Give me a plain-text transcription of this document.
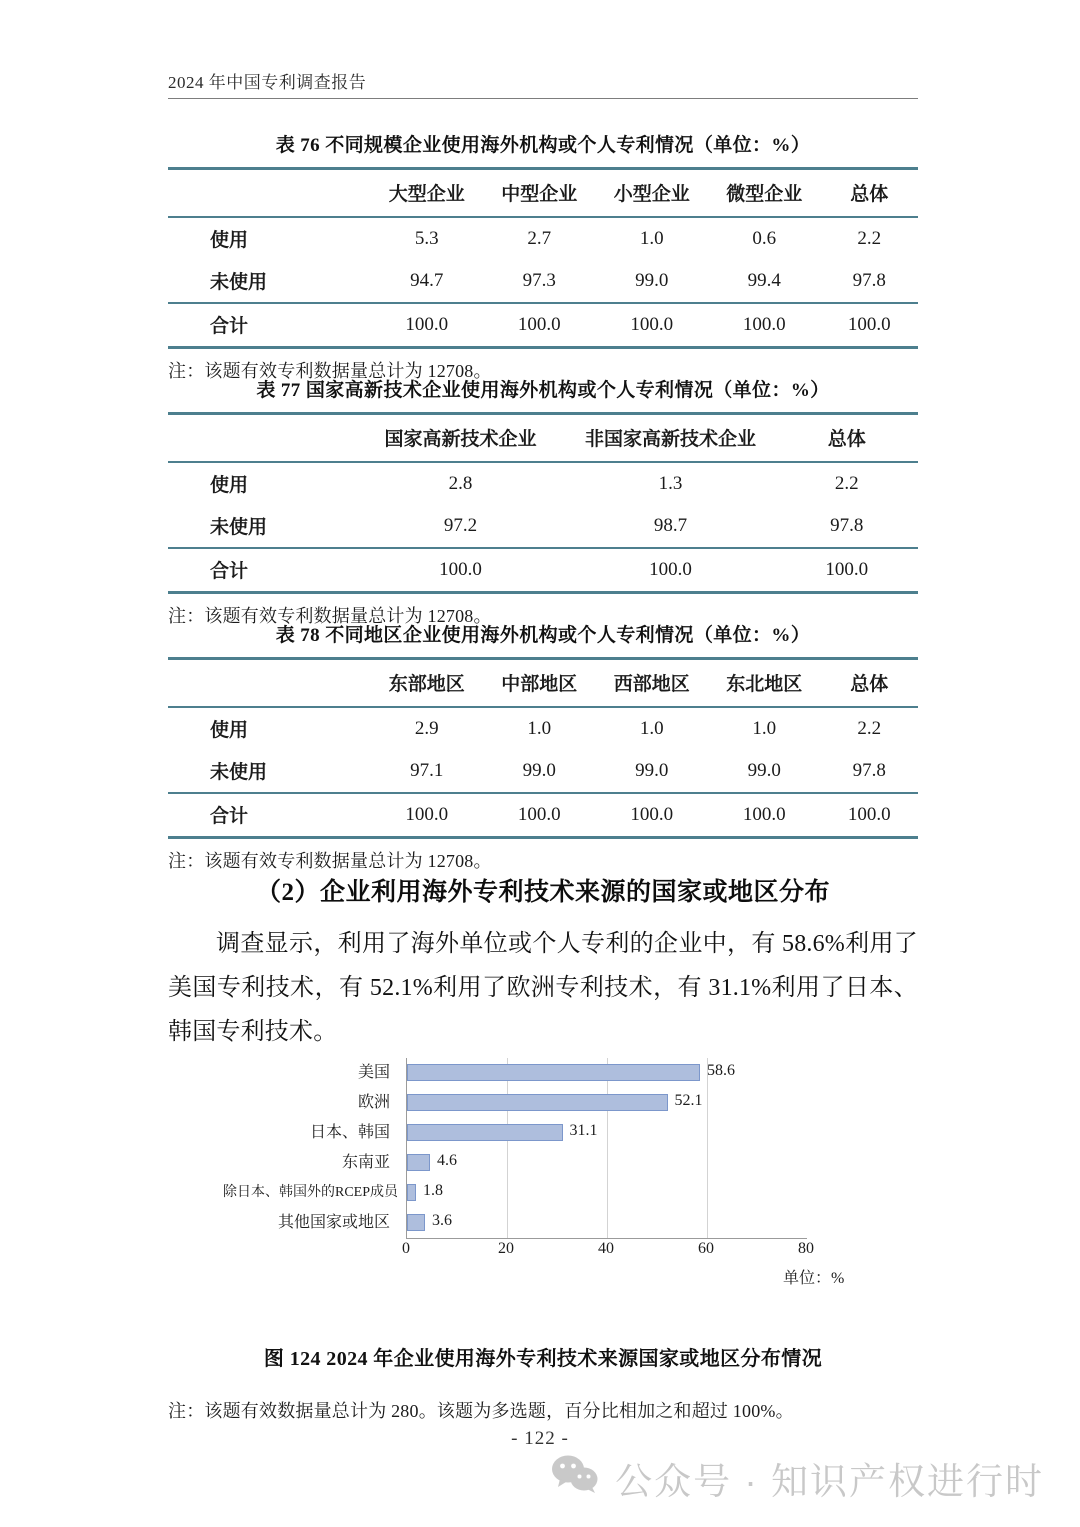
2024 年中国专利调查报告
表 76 不同规模企业使用海外机构或个人专利情况（单位：%）
	大型企业	中型企业	小型企业	微型企业	总体
使用	5.3	2.7	1.0	0.6	2.2
未使用	94.7	97.3	99.0	99.4	97.8
合计	100.0	100.0	100.0	100.0	100.0
注：该题有效专利数据量总计为 12708。
表 77 国家高新技术企业使用海外机构或个人专利情况（单位：%）
	国家高新技术企业	非国家高新技术企业	总体
使用	2.8	1.3	2.2
未使用	97.2	98.7	97.8
合计	100.0	100.0	100.0
注：该题有效专利数据量总计为 12708。
表 78 不同地区企业使用海外机构或个人专利情况（单位：%）
	东部地区	中部地区	西部地区	东北地区	总体
使用	2.9	1.0	1.0	1.0	2.2
未使用	97.1	99.0	99.0	99.0	97.8
合计	100.0	100.0	100.0	100.0	100.0
注：该题有效专利数据量总计为 12708。
（2）企业利用海外专利技术来源的国家或地区分布
调查显示，利用了海外单位或个人专利的企业中，有 58.6%利用了美国专利技术，有 52.1%利用了欧洲专利技术，有 31.1%利用了日本、韩国专利技术。
美国
欧洲
日本、韩国
东南亚
除日本、韩国外的RCEP成员
其他国家或地区
58.6
52.1
31.1
4.6
1.8
3.6
0	20	40	60	80
单位：%
图 124 2024 年企业使用海外专利技术来源国家或地区分布情况
注：该题有效数据量总计为 280。该题为多选题，百分比相加之和超过 100%。
- 122 -
公众号 · 知识产权进行时
